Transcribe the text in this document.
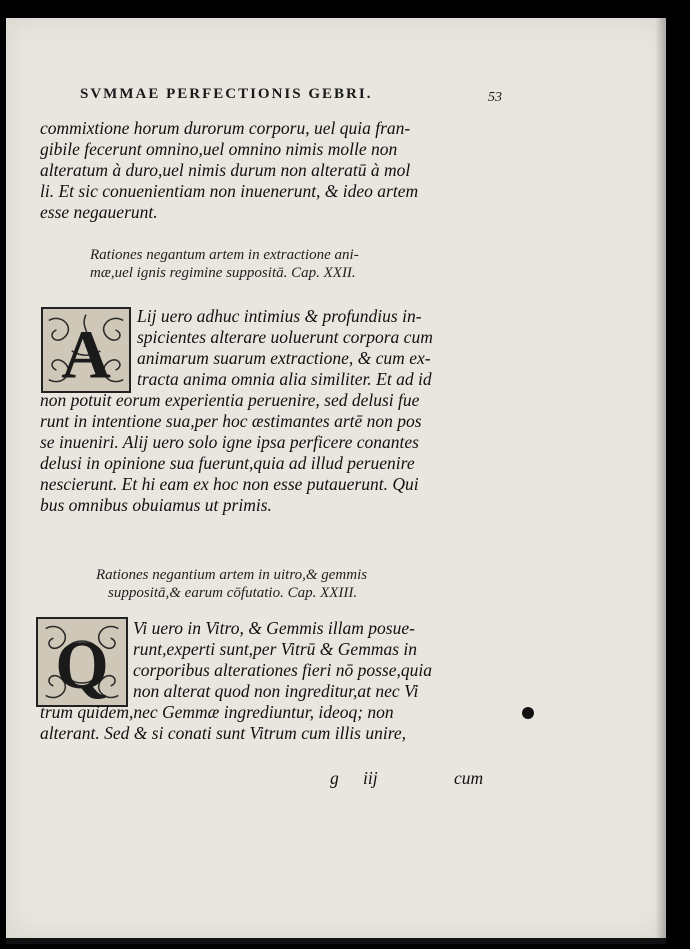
SVMMAE PERFECTIONIS GEBRI.	53
commixtione horum durorum corporu, uel quia fran-
gibile fecerunt omnino,uel omnino nimis molle non
alteratum à duro,uel nimis durum non alteratū à mol
li. Et sic conuenientiam non inuenerunt, & ideo artem
esse negauerunt.
Rationes negantum artem in extractione ani-
mæ,uel ignis regimine suppositā. Cap. XXII.
A
Lij uero adhuc intimius & profundius in-
spicientes alterare uoluerunt corpora cum
animarum suarum extractione, & cum ex-
tracta anima omnia alia similiter. Et ad id
non potuit eorum experientia peruenire, sed delusi fue
runt in intentione sua,per hoc æstimantes artē non pos
se inueniri. Alij uero solo igne ipsa perficere conantes
delusi in opinione sua fuerunt,quia ad illud peruenire
nescierunt. Et hi eam ex hoc non esse putauerunt. Qui
bus omnibus obuiamus ut primis.
Rationes negantium artem in uitro,& gemmis
suppositā,& earum cōfutatio. Cap. XXIII.
Q Vi uero in Vitro, & Gemmis illam posue-
runt,experti sunt,per Vitrū & Gemmas in
corporibus alterationes fieri nō posse,quia
non alterat quod non ingreditur,at nec Vi
trum quidem,nec Gemmæ ingrediuntur, ideoq; non
alterant. Sed & si conati sunt Vitrum cum illis unire,
g iij	cum
